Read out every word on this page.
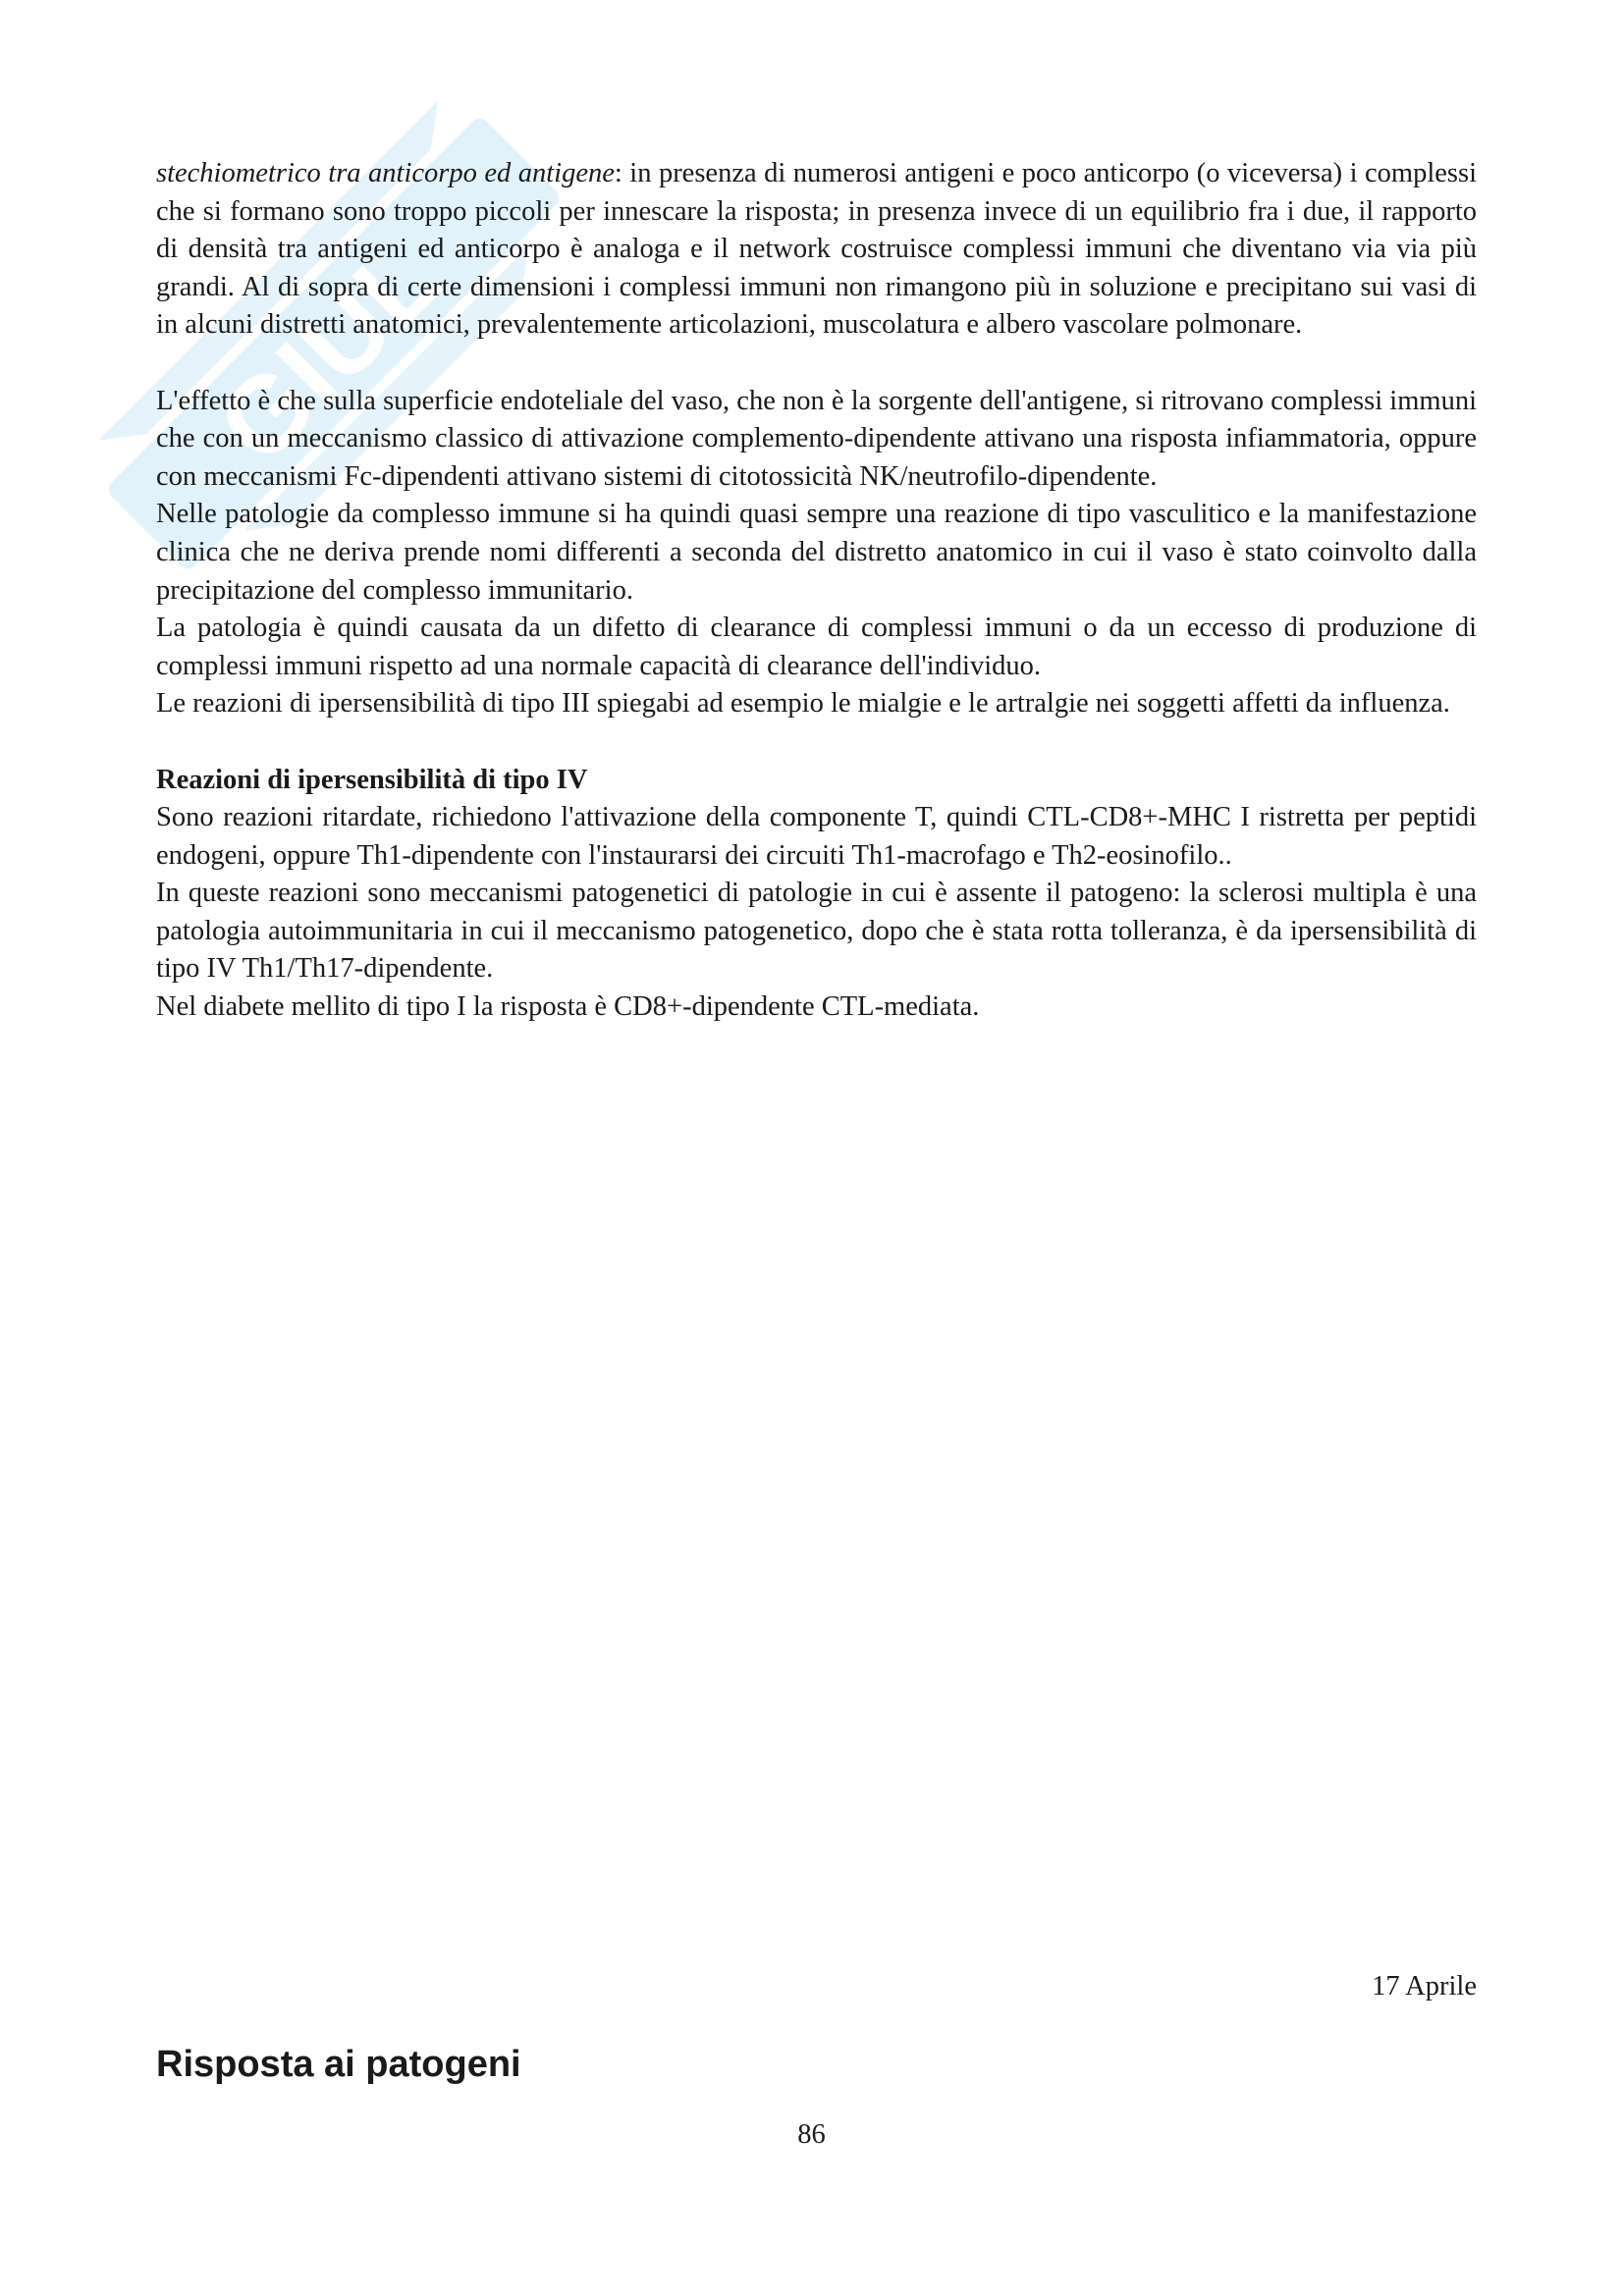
GIUL

stechiometrico tra anticorpo ed antigene: in presenza di numerosi antigeni e poco anticorpo (o viceversa) i complessi che si formano sono troppo piccoli per innescare la risposta; in presenza invece di un equilibrio fra i due, il rapporto di densità tra antigeni ed anticorpo è analoga e il network costruisce complessi immuni che diventano via via più grandi. Al di sopra di certe dimensioni i complessi immuni non rimangono più in soluzione e precipitano sui vasi di in alcuni distretti anatomici, prevalentemente articolazioni, muscolatura e albero vascolare polmonare.

L'effetto è che sulla superficie endoteliale del vaso, che non è la sorgente dell'antigene, si ritrovano complessi immuni che con un meccanismo classico di attivazione complemento-dipendente attivano una risposta infiammatoria, oppure con meccanismi Fc-dipendenti attivano sistemi di citotossicità NK/neutrofilo-dipendente.

Nelle patologie da complesso immune si ha quindi quasi sempre una reazione di tipo vasculitico e la manifestazione clinica che ne deriva prende nomi differenti a seconda del distretto anatomico in cui il vaso è stato coinvolto dalla precipitazione del complesso immunitario.

La patologia è quindi causata da un difetto di clearance di complessi immuni o da un eccesso di produzione di complessi immuni rispetto ad una normale capacità di clearance dell'individuo.

Le reazioni di ipersensibilità di tipo III spiegabi ad esempio le mialgie e le artralgie nei soggetti affetti da influenza.

Reazioni di ipersensibilità di tipo IV

Sono reazioni ritardate, richiedono l'attivazione della componente T, quindi CTL-CD8+-MHC I ristretta per peptidi endogeni, oppure Th1-dipendente con l'instaurarsi dei circuiti Th1-macrofago e Th2-eosinofilo..

In queste reazioni sono meccanismi patogenetici di patologie in cui è assente il patogeno: la sclerosi multipla è una patologia autoimmunitaria in cui il meccanismo patogenetico, dopo che è stata rotta tolleranza, è da ipersensibilità di tipo IV Th1/Th17-dipendente.

Nel diabete mellito di tipo I la risposta è CD8+-dipendente CTL-mediata.

17 Aprile
Risposta ai patogeni
86
